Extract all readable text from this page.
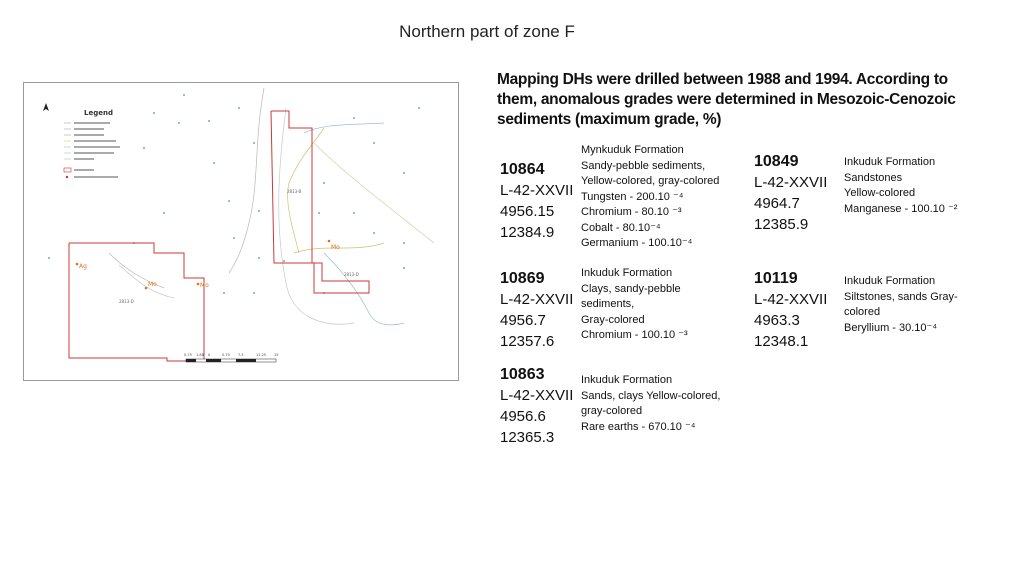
Northern part of zone F
Mapping DHs were drilled between 1988 and 1994. According to them, anomalous grades were determined in Mesozoic-Cenozoic sediments (maximum grade, %)
Legend
2813-D
2813-B
2813-D
Ag
Mo	Mo
Mo
0.75 1.88 0	0.70 7.5	11.25 15
10864
L-42-XXVII
4956.15
12384.9
Mynkuduk Formation
Sandy-pebble sediments,
Yellow-colored, gray-colored
Tungsten - 200.10 ⁻⁴
Chromium - 80.10 ⁻³
Cobalt - 80.10⁻⁴
Germanium - 100.10⁻⁴
10849
L-42-XXVII
4964.7
12385.9
Inkuduk Formation
Sandstones
Yellow-colored
Manganese - 100.10 ⁻²
10869
L-42-XXVII
4956.7
12357.6
Inkuduk Formation
Clays, sandy-pebble
sediments,
Gray-colored
Chromium - 100.10 ⁻³
10119
L-42-XXVII
4963.3
12348.1
Inkuduk Formation
Siltstones, sands Gray-
colored
Beryllium - 30.10⁻⁴
10863
L-42-XXVII
4956.6
12365.3
Inkuduk Formation
Sands, clays Yellow-colored,
gray-colored
Rare earths - 670.10 ⁻⁴
